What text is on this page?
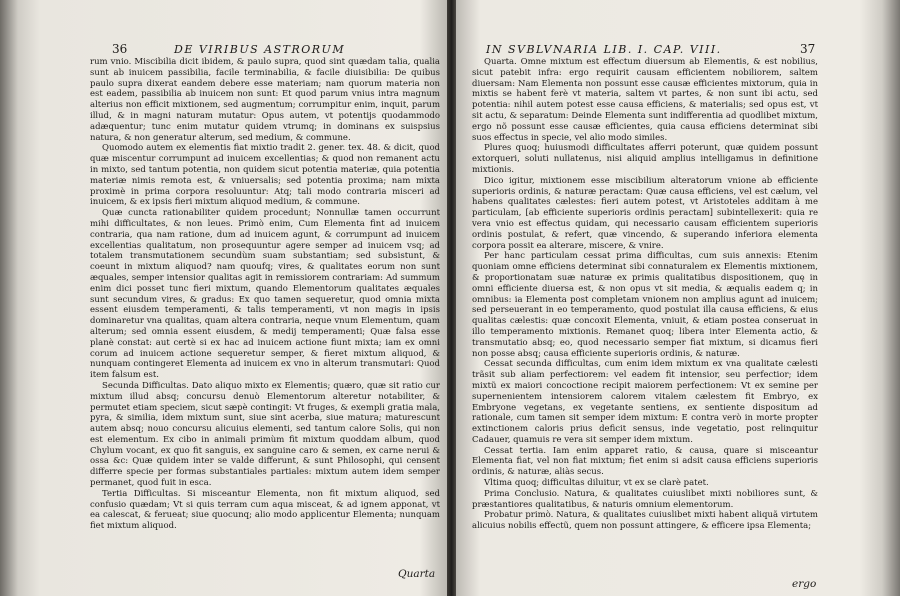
36	DE VIRIBUS ASTRORUM

rum vnio. Miscibilia dicit ibidem, & paulo supra, quod sint quædam talia, qualia sunt ab inuicem passibilia, facile terminabilia, & facile diuisibilia: De quibus paulo supra dixerat eandem debere esse materiam; nam quorum materia non est eadem, passibilia ab inuicem non sunt: Et quod parum vnius intra magnum alterius non efficit mixtionem, sed augmentum; corrumpitur enim, inquit, parum illud, & in magni naturam mutatur: Opus autem, vt potentijs quodammodo adæquentur; tunc enim mutatur quidem vtrumq; in dominans ex suispsius natura, & non generatur alterum, sed medium, & commune.

Quomodo autem ex elementis fiat mixtio tradit 2. gener. tex. 48. & dicit, quod quæ miscentur corrumpunt ad inuicem excellentias; & quod non remanent actu in mixto, sed tantum potentia, non quidem sicut potentia materiæ, quia potentia materiæ nimis remota est, & vniuersalis; sed potentia proxima; nam mixta proximè in prima corpora resoluuntur: Atq; tali modo contraria misceri ad inuicem, & ex ipsis fieri mixtum aliquod medium, & commune.

Quæ cuncta rationabiliter quidem procedunt; Nonnullæ tamen occurrunt mihi difficultates, & non leues. Primò enim, Cum Elementa fint ad inuicem contraria, qua nam ratione, dum ad inuicem agunt, & corrumpunt ad inuicem excellentias qualitatum, non prosequuntur agere semper ad inuicem vsq; ad totalem transmutationem secundùm suam substantiam; sed subsistunt, & coeunt in mixtum aliquod? nam quoufq; vires, & qualitates eorum non sunt æquales, semper intensior qualitas agit in remissiorem contrariam: Ad summum enim dici posset tunc fieri mixtum, quando Elementorum qualitates æquales sunt secundum vires, & gradus: Ex quo tamen sequeretur, quod omnia mixta essent eiusdem temperamenti, & talis temperamenti, vt non magis in ipsis dominaretur vna qualitas, quam altera contraria, neque vnum Elementum, quam alterum; sed omnia essent eiusdem, & medij temperamenti; Quæ falsa esse planè constat: aut certè si ex hac ad inuicem actione fiunt mixta; iam ex omni corum ad inuicem actione sequeretur semper, & fieret mixtum aliquod, & nunquam contingeret Elementa ad inuicem ex vno in alterum transmutari: Quod item falsum est.

Secunda Difficultas. Dato aliquo mixto ex Elementis; quæro, quæ sit ratio cur mixtum illud absq; concursu denuò Elementorum alteretur notabiliter, & permutet etiam speciem, sicut sæpè contingit: Vt fruges, & exempli gratia mala, pyra, & similia, idem mixtum sunt, siue sint acerba, siue matura; maturescunt autem absq; nouo concursu alicuius elementi, sed tantum calore Solis, qui non est elementum. Ex cibo in animali primùm fit mixtum quoddam album, quod Chylum vocant, ex quo fit sanguis, ex sanguine caro & semen, ex carne nerui & ossa &c: Quæ quidem inter se valde differunt, & sunt Philosophi, qui censent differre specie per formas substantiales partiales: mixtum autem idem semper permanet, quod fuit in esca.

Tertia Difficultas. Si misceantur Elementa, non fit mixtum aliquod, sed confusio quædam; Vt si quis terram cum aqua misceat, & ad ignem apponat, vt ea calescat, & ferueat; siue quocunq; alio modo applicentur Elementa; nunquam fiet mixtum aliquod.

Quarta
IN SVBLVNARIA LIB. I. CAP. VIII.	37

Quarta. Omne mixtum est effectum diuersum ab Elementis, & est nobilius, sicut patebit infra: ergo requirit causam efficientem nobiliorem, saltem diuersam: Nam Elementa non possunt esse causæ efficientes mixtorum, quia in mixtis se habent ferè vt materia, saltem vt partes, & non sunt ibi actu, sed potentia: nihil autem potest esse causa efficiens, & materialis; sed opus est, vt sit actu, & separatum: Deinde Elementa sunt indifferentia ad quodlibet mixtum, ergo nõ possunt esse causæ efficientes, quia causa efficiens determinat sibi suos effectus in specie, vel alio modo similes.

Plures quoq; huiusmodi difficultates afferri poterunt, quæ quidem possunt extorqueri, soluti nullatenus, nisi aliquid amplius intelligamus in definitione mixtionis.

Dico igitur, mixtionem esse miscibilium alteratorum vnione ab efficiente superioris ordinis, & naturæ peractam: Quæ causa efficiens, vel est cælum, vel habens qualitates cælestes: fieri autem potest, vt Aristoteles additam à me particulam, [ab efficiente superioris ordinis peractam] subintellexerit: quia re vera vnio est effectus quidam, qui necessario causam efficientem superioris ordinis postulat, & refert, quæ vincendo, & superando inferiora elementa corpora possit ea alterare, miscere, & vnire.

Per hanc particulam cessat prima difficultas, cum suis annexis: Etenim quoniam omne efficiens determinat sibi connaturalem ex Elementis mixtionem, & proportionatam suæ naturæ ex primis qualitatibus dispositionem, quę in omni efficiente diuersa est, & non opus vt sit media, & æqualis eadem q; in omnibus: ia Elementa post completam vnionem non amplius agunt ad inuicem; sed perseuerant in eo temperamento, quod postulat illa causa efficiens, & eius qualitas cælestis: quæ concoxit Elementa, vniuit, & etiam postea conseruat in illo temperamento mixtionis. Remanet quoq; libera inter Elementa actio, & transmutatio absq; eo, quod necessario semper fiat mixtum, si dicamus fieri non posse absq; causa efficiente superioris ordinis, & naturæ.

Cessat secunda difficultas, cum enim idem mixtum ex vna qualitate cælesti trãsit sub aliam perfectiorem: vel eadem fit intensior, seu perfectior; idem mixtũ ex maiori concoctione recipit maiorem perfectionem: Vt ex semine per supernenientem intensiorem calorem vitalem cælestem fit Embryo, ex Embryone vegetans, ex vegetante sentiens, ex sentiente dispositum ad rationale, cum tamen sit semper idem mixtum: E contra verò in morte propter extinctionem caloris prius deficit sensus, inde vegetatio, post relinquitur Cadauer, quamuis re vera sit semper idem mixtum.

Cessat tertia. Iam enim apparet ratio, & causa, quare si misceantur Elementa fiat, vel non fiat mixtum; fiet enim si adsit causa efficiens superioris ordinis, & naturæ, aliàs secus.

Vltima quoq; difficultas diluitur, vt ex se clarè patet.

Prima Conclusio. Natura, & qualitates cuiuslibet mixti nobiliores sunt, & præstantiores qualitatibus, & naturis omnium elementorum.

Probatur primò. Natura, & qualitates cuiuslibet mixti habent aliquã virtutem alicuius nobilis effectũ, quem non possunt attingere, & efficere ipsa Elementa;

ergo
